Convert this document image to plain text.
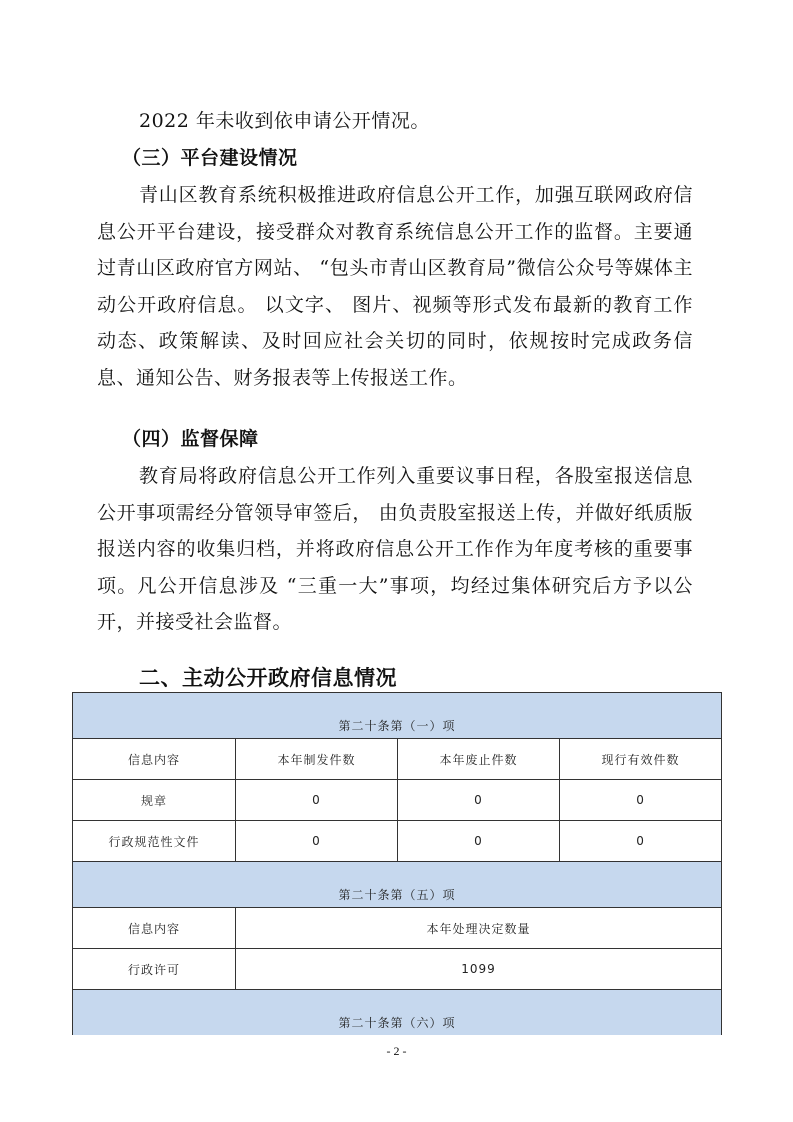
2022 年未收到依申请公开情况。

（三）平台建设情况

青山区教育系统积极推进政府信息公开工作，加强互联网政府信息公开平台建设，接受群众对教育系统信息公开工作的监督。主要通过青山区政府官方网站、 “包头市青山区教育局”微信公众号等媒体主动公开政府信息。 以文字、 图片、视频等形式发布最新的教育工作动态、政策解读、及时回应社会关切的同时，依规按时完成政务信息、通知公告、财务报表等上传报送工作。

（四）监督保障

教育局将政府信息公开工作列入重要议事日程，各股室报送信息公开事项需经分管领导审签后， 由负责股室报送上传，并做好纸质版报送内容的收集归档，并将政府信息公开工作作为年度考核的重要事项。凡公开信息涉及 “三重一大”事项，均经过集体研究后方予以公开，并接受社会监督。

二、主动公开政府信息情况
第二十条第（一）项			
信息内容	本年制发件数	本年废止件数	现行有效件数
规章	0	0	0
行政规范性文件	0	0	0
第二十条第（五）项			
信息内容	本年处理决定数量		
行政许可	1099		
第二十条第（六）项			
- 2 -
